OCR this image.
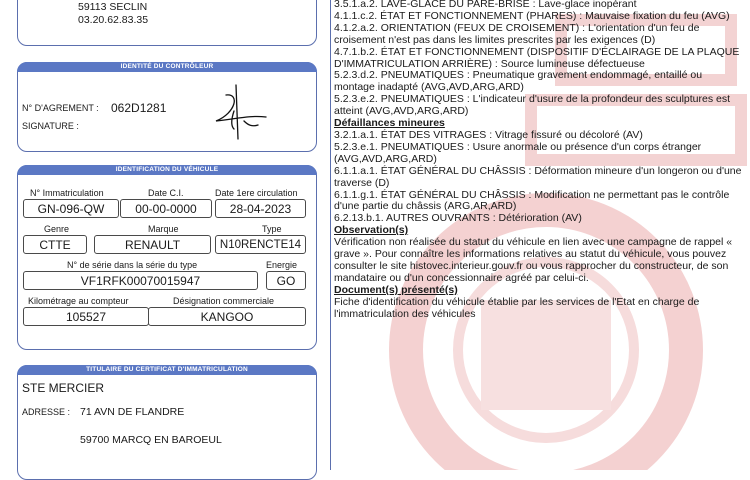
59113 SECLIN
03.20.62.83.35
IDENTITÉ DU CONTRÔLEUR
N° D'AGREMENT : 062D1281
SIGNATURE :
IDENTIFICATION DU VÉHICULE
N° Immatriculation	Date C.I.	Date 1ere circulation
GN-096-QW	00-00-0000	28-04-2023
Genre	Marque	Type
CTTE	RENAULT	N10RENCTE14
N° de série dans la série du type	Energie
VF1RFK00070015947	GO
Kilométrage au compteur	Désignation commerciale
105527	KANGOO
TITULAIRE DU CERTIFICAT D'IMMATRICULATION
STE MERCIER
ADRESSE : 71 AVN DE FLANDRE
59700 MARCQ EN BAROEUL

3.5.1.a.2. LAVE-GLACE DU PARE-BRISE : Lave-glace inopérant

4.1.1.c.2. ÉTAT ET FONCTIONNEMENT (PHARES) : Mauvaise fixation du feu (AVG)

4.1.2.a.2. ORIENTATION (FEUX DE CROISEMENT) : L'orientation d'un feu de croisement n'est pas dans les limites prescrites par les exigences (D)

4.7.1.b.2. ÉTAT ET FONCTIONNEMENT (DISPOSITIF D'ÉCLAIRAGE DE LA PLAQUE D'IMMATRICULATION ARRIÈRE) : Source lumineuse défectueuse

5.2.3.d.2. PNEUMATIQUES : Pneumatique gravement endommagé, entaillé ou montage inadapté (AVG,AVD,ARG,ARD)

5.2.3.e.2. PNEUMATIQUES : L'indicateur d'usure de la profondeur des sculptures est atteint (AVG,AVD,ARG,ARD)

Défaillances mineures

3.2.1.a.1. ÉTAT DES VITRAGES : Vitrage fissuré ou décoloré (AV)

5.2.3.e.1. PNEUMATIQUES : Usure anormale ou présence d'un corps étranger (AVG,AVD,ARG,ARD)

6.1.1.a.1. ÉTAT GÉNÉRAL DU CHÂSSIS : Déformation mineure d'un longeron ou d'une traverse (D)

6.1.1.g.1. ÉTAT GÉNÉRAL DU CHÂSSIS : Modification ne permettant pas le contrôle d'une partie du châssis (ARG,AR,ARD)

6.2.13.b.1. AUTRES OUVRANTS : Détérioration (AV)

Observation(s)

Vérification non réalisée du statut du véhicule en lien avec une campagne de rappel « grave ». Pour connaître les informations relatives au statut du véhicule, vous pouvez consulter le site histovec.interieur.gouv.fr ou vous rapprocher du constructeur, de son mandataire ou d'un concessionnaire agréé par celui-ci.

Document(s) présenté(s)

Fiche d'identification du véhicule établie par les services de l'Etat en charge de l'immatriculation des véhicules
